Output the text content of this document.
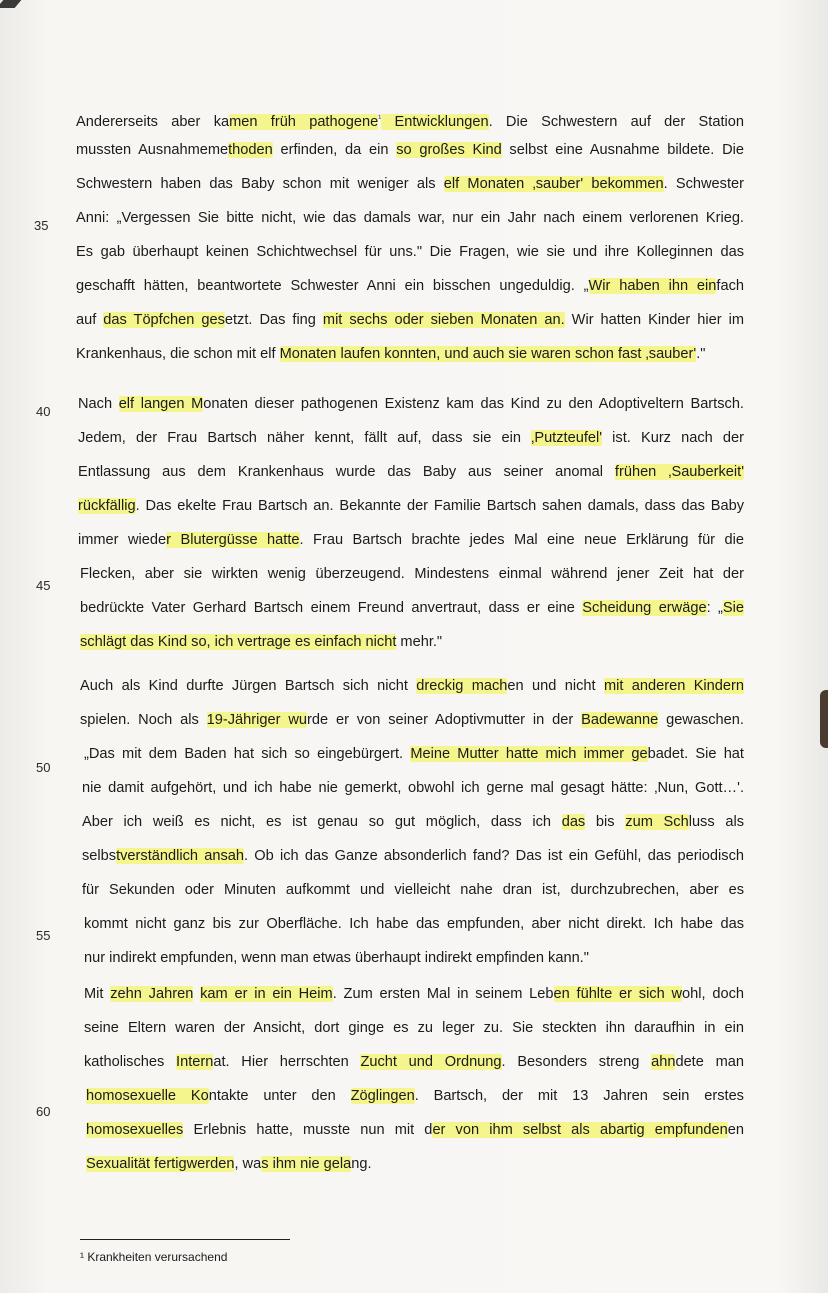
Andererseits aber kamen früh pathogene$^{^1}$ Entwicklungen. Die Schwestern auf der Station
mussten Ausnahmemethoden erfinden, da ein so großes Kind selbst eine Ausnahme bildete. Die
Schwestern haben das Baby schon mit weniger als elf Monaten ‚sauber' bekommen. Schwester
Anni: „Vergessen Sie bitte nicht, wie das damals war, nur ein Jahr nach einem verlorenen Krieg.
35
Es gab überhaupt keinen Schichtwechsel für uns." Die Fragen, wie sie und ihre Kolleginnen das
geschafft hätten, beantwortete Schwester Anni ein bisschen ungeduldig. „Wir haben ihn einfach
auf das Töpfchen gesetzt. Das fing mit sechs oder sieben Monaten an. Wir hatten Kinder hier im
Krankenhaus, die schon mit elf Monaten laufen konnten, und auch sie waren schon fast ‚sauber'."
Nach elf langen Monaten dieser pathogenen Existenz kam das Kind zu den Adoptiveltern Bartsch.
40
Jedem, der Frau Bartsch näher kennt, fällt auf, dass sie ein ‚Putzteufel' ist. Kurz nach der
Entlassung aus dem Krankenhaus wurde das Baby aus seiner anomal frühen ‚Sauberkeit'
rückfällig. Das ekelte Frau Bartsch an. Bekannte der Familie Bartsch sahen damals, dass das Baby
immer wieder Blutergüsse hatte. Frau Bartsch brachte jedes Mal eine neue Erklärung für die
Flecken, aber sie wirkten wenig überzeugend. Mindestens einmal während jener Zeit hat der
45
bedrückte Vater Gerhard Bartsch einem Freund anvertraut, dass er eine Scheidung erwäge: „Sie
schlägt das Kind so, ich vertrage es einfach nicht mehr."
Auch als Kind durfte Jürgen Bartsch sich nicht dreckig machen und nicht mit anderen Kindern
spielen. Noch als 19-Jähriger wurde er von seiner Adoptivmutter in der Badewanne gewaschen.
„Das mit dem Baden hat sich so eingebürgert. Meine Mutter hatte mich immer gebadet. Sie hat
50
nie damit aufgehört, und ich habe nie gemerkt, obwohl ich gerne mal gesagt hätte: ‚Nun, Gott…'.
Aber ich weiß es nicht, es ist genau so gut möglich, dass ich das bis zum Schluss als
selbstverständlich ansah. Ob ich das Ganze absonderlich fand? Das ist ein Gefühl, das periodisch
für Sekunden oder Minuten aufkommt und vielleicht nahe dran ist, durchzubrechen, aber es
kommt nicht ganz bis zur Oberfläche. Ich habe das empfunden, aber nicht direkt. Ich habe das
55
nur indirekt empfunden, wenn man etwas überhaupt indirekt empfinden kann."
Mit zehn Jahren kam er in ein Heim. Zum ersten Mal in seinem Leben fühlte er sich wohl, doch
seine Eltern waren der Ansicht, dort ginge es zu leger zu. Sie steckten ihn daraufhin in ein
katholisches Internat. Hier herrschten Zucht und Ordnung. Besonders streng ahndete man
homosexuelle Kontakte unter den Zöglingen. Bartsch, der mit 13 Jahren sein erstes
60
homosexuelles Erlebnis hatte, musste nun mit der von ihm selbst als abartig empfundenen
Sexualität fertigwerden, was ihm nie gelang.
¹ Krankheiten verursachend
